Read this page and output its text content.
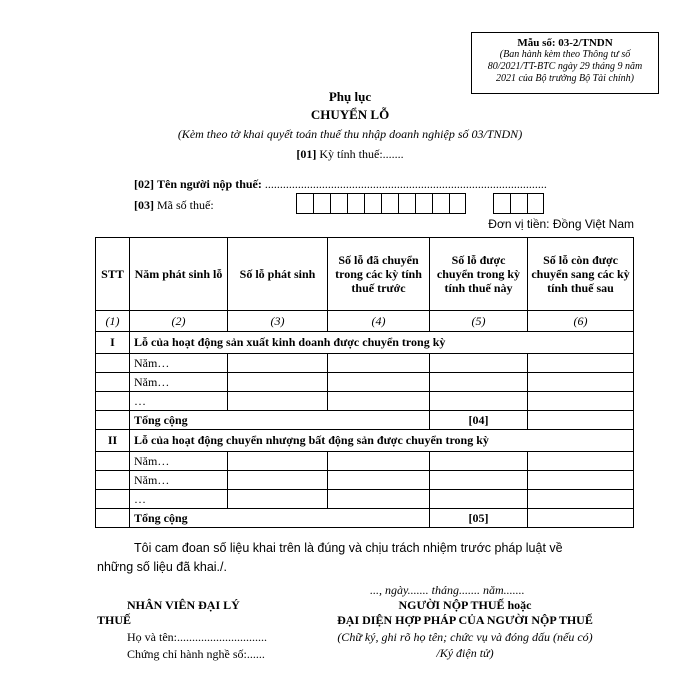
Mẫu số: 03-2/TNDN
(Ban hành kèm theo Thông tư số
80/2021/TT-BTC ngày 29 tháng 9 năm
2021 của Bộ trưởng Bộ Tài chính)
Phụ lục
CHUYỂN LỖ
(Kèm theo tờ khai quyết toán thuế thu nhập doanh nghiệp số 03/TNDN)
[01] Kỳ tính thuế:.......
[02] Tên người nộp thuế: ..............................................................................................
[03] Mã số thuế:
Đơn vị tiền: Đồng Việt Nam
STT	Năm phát sinh lỗ	Số lỗ phát sinh	Số lỗ đã chuyển trong các kỳ tính thuế trước	Số lỗ được chuyển trong kỳ tính thuế này	Số lỗ còn được chuyển sang các kỳ tính thuế sau
(1)	(2)	(3)	(4)	(5)	(6)
I	Lỗ của hoạt động sản xuất kinh doanh được chuyển trong kỳ				
	Năm…				
	Năm…				
	…				
	Tổng cộng			[04]	
II	Lỗ của hoạt động chuyển nhượng bất động sản được chuyển trong kỳ				
	Năm…				
	Năm…				
	…				
	Tổng cộng			[05]	
Tôi cam đoan số liệu khai trên là đúng và chịu trách nhiệm trước pháp luật về
những số liệu đã khai./.
..., ngày....... tháng....... năm.......
NHÂN VIÊN ĐẠI LÝ
THUẾ
Họ và tên:..............................
Chứng chỉ hành nghề số:......
NGƯỜI NỘP THUẾ hoặc
ĐẠI DIỆN HỢP PHÁP CỦA NGƯỜI NỘP THUẾ
(Chữ ký, ghi rõ họ tên; chức vụ và đóng dấu (nếu có)
/Ký điện tử)
